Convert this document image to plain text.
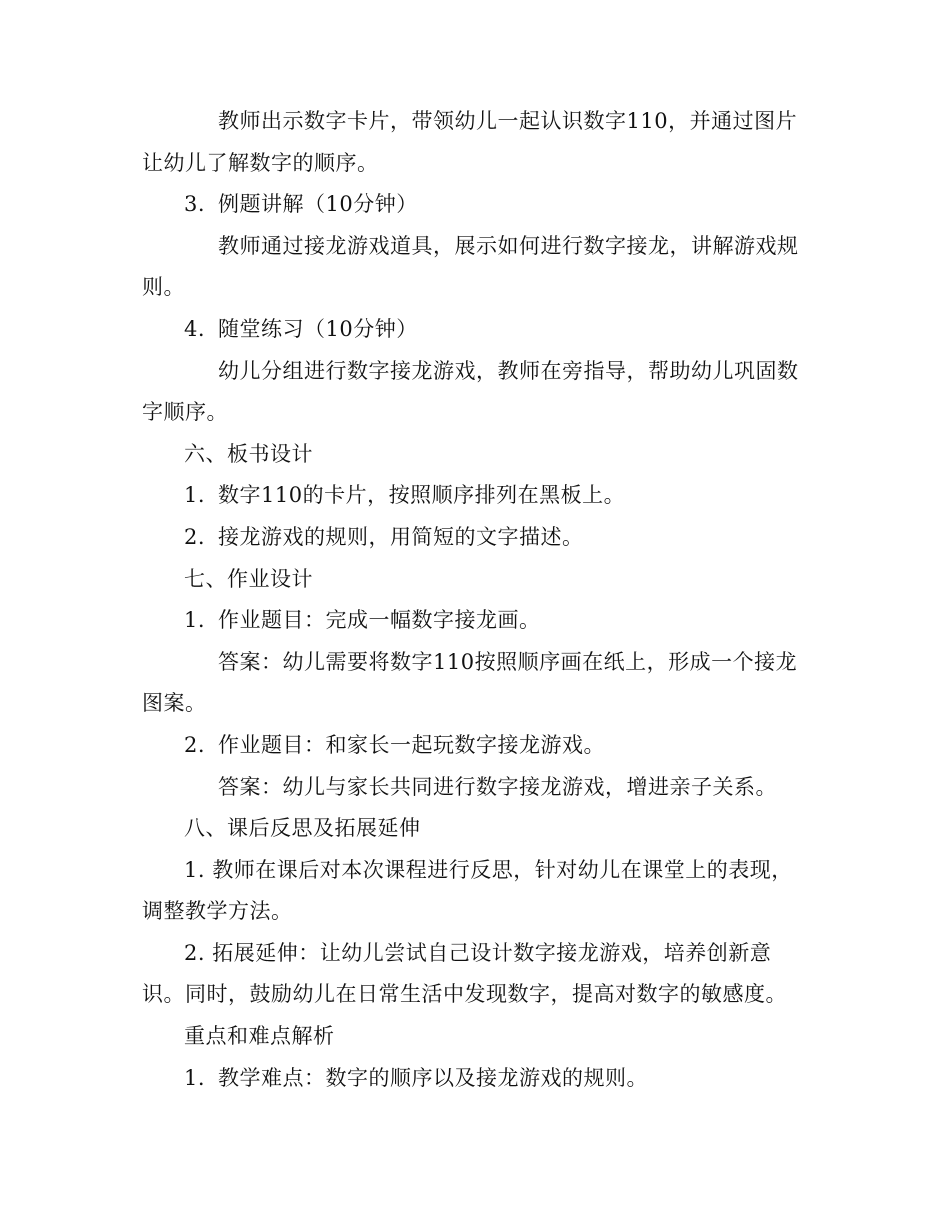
教师出示数字卡片，带领幼儿一起认识数字110，并通过图片让幼儿了解数字的顺序。

3. 例题讲解（10分钟）

教师通过接龙游戏道具，展示如何进行数字接龙，讲解游戏规则。

4. 随堂练习（10分钟）

幼儿分组进行数字接龙游戏，教师在旁指导，帮助幼儿巩固数字顺序。

六、板书设计

1. 数字110的卡片，按照顺序排列在黑板上。

2. 接龙游戏的规则，用简短的文字描述。

七、作业设计

1. 作业题目：完成一幅数字接龙画。

答案：幼儿需要将数字110按照顺序画在纸上，形成一个接龙图案。

2. 作业题目：和家长一起玩数字接龙游戏。

答案：幼儿与家长共同进行数字接龙游戏，增进亲子关系。

八、课后反思及拓展延伸

1. 教师在课后对本次课程进行反思，针对幼儿在课堂上的表现，调整教学方法。

2. 拓展延伸：让幼儿尝试自己设计数字接龙游戏，培养创新意识。同时，鼓励幼儿在日常生活中发现数字，提高对数字的敏感度。

重点和难点解析

1. 教学难点：数字的顺序以及接龙游戏的规则。
